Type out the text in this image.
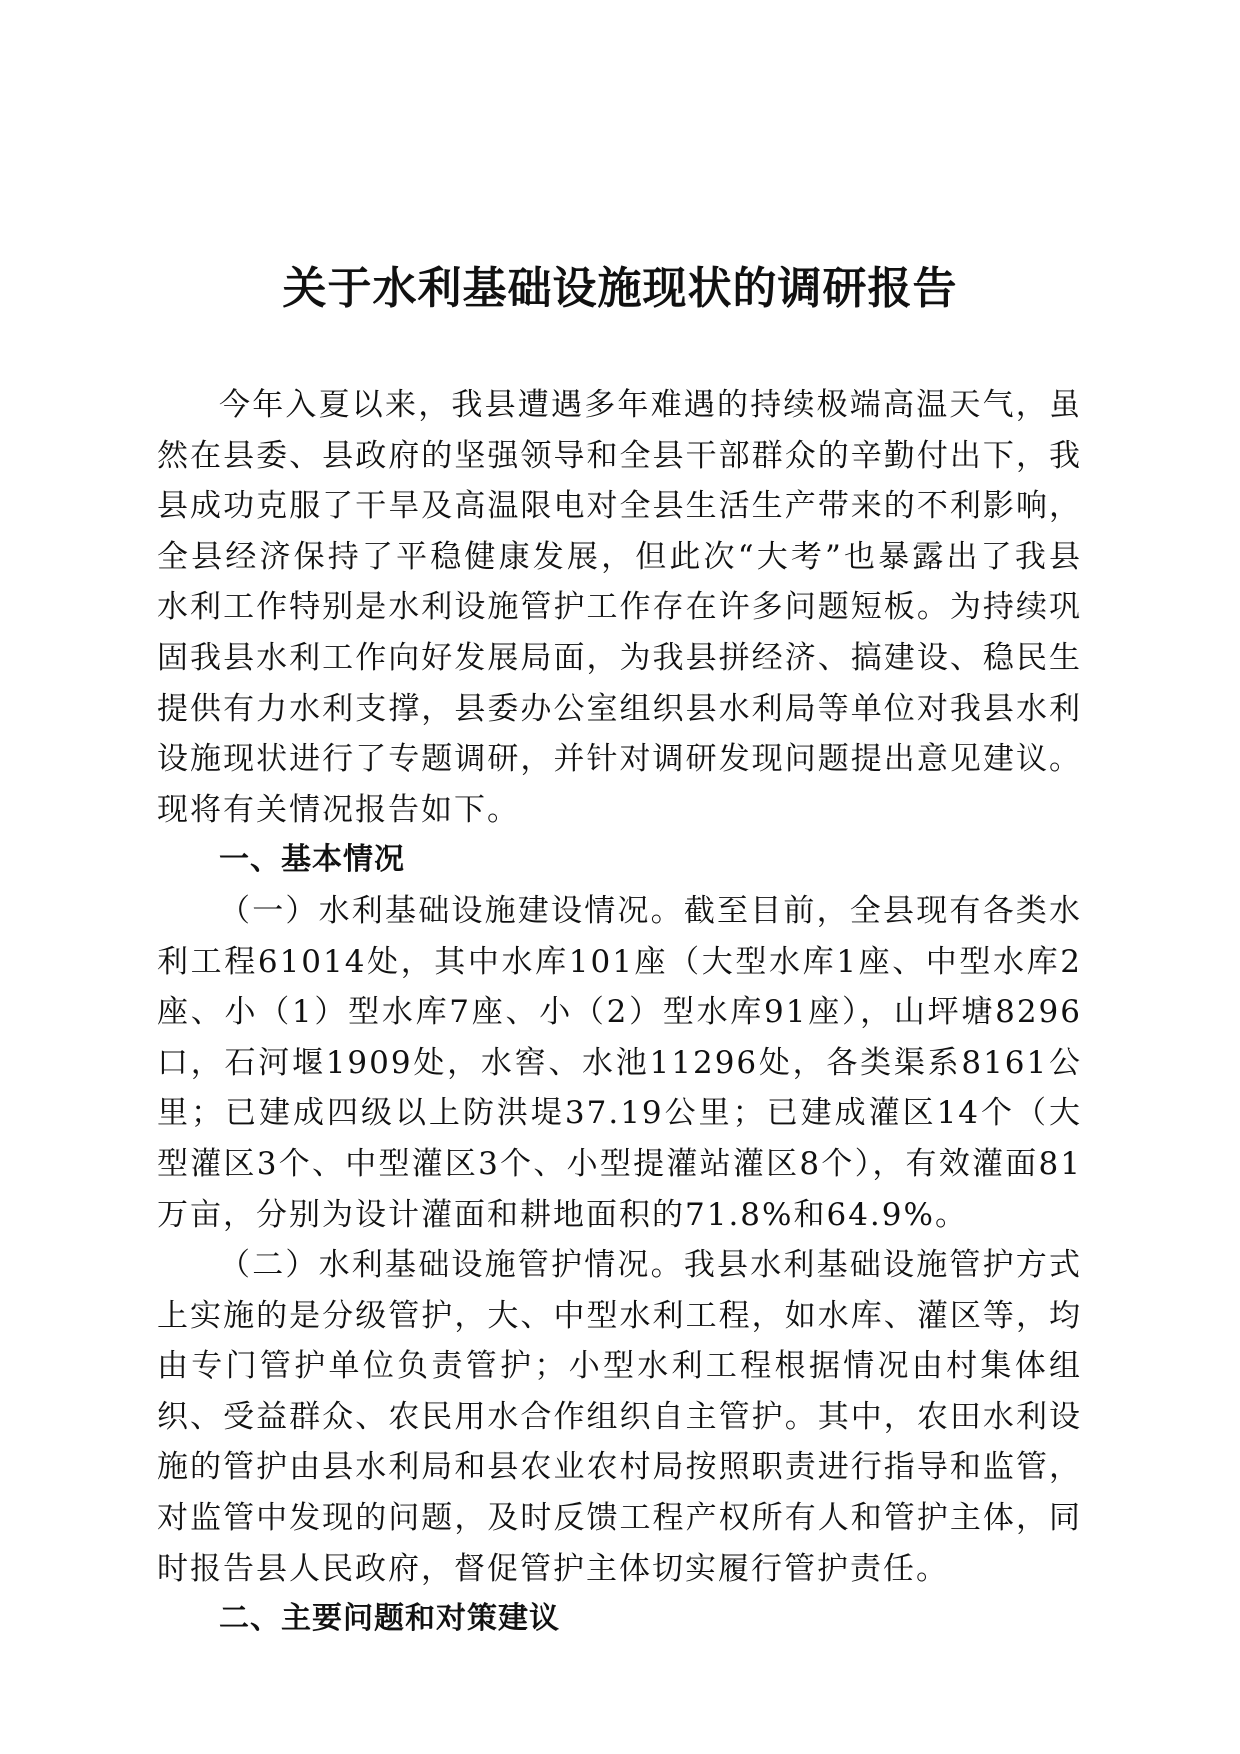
关于水利基础设施现状的调研报告

今年入夏以来，我县遭遇多年难遇的持续极端高温天气，虽然在县委、县政府的坚强领导和全县干部群众的辛勤付出下，我县成功克服了干旱及高温限电对全县生活生产带来的不利影响，全县经济保持了平稳健康发展，但此次“大考”也暴露出了我县水利工作特别是水利设施管护工作存在许多问题短板。为持续巩固我县水利工作向好发展局面，为我县拼经济、搞建设、稳民生提供有力水利支撑，县委办公室组织县水利局等单位对我县水利设施现状进行了专题调研，并针对调研发现问题提出意见建议。现将有关情况报告如下。

一、基本情况

（一）水利基础设施建设情况。截至目前，全县现有各类水利工程61014处，其中水库101座（大型水库1座、中型水库2座、小（1）型水库7座、小（2）型水库91座），山坪塘8296口，石河堰1909处，水窖、水池11296处，各类渠系8161公里；已建成四级以上防洪堤37.19公里；已建成灌区14个（大型灌区3个、中型灌区3个、小型提灌站灌区8个），有效灌面81万亩，分别为设计灌面和耕地面积的71.8%和64.9%。

（二）水利基础设施管护情况。我县水利基础设施管护方式上实施的是分级管护，大、中型水利工程，如水库、灌区等，均由专门管护单位负责管护；小型水利工程根据情况由村集体组织、受益群众、农民用水合作组织自主管护。其中，农田水利设施的管护由县水利局和县农业农村局按照职责进行指导和监管，对监管中发现的问题，及时反馈工程产权所有人和管护主体，同时报告县人民政府，督促管护主体切实履行管护责任。

二、主要问题和对策建议
